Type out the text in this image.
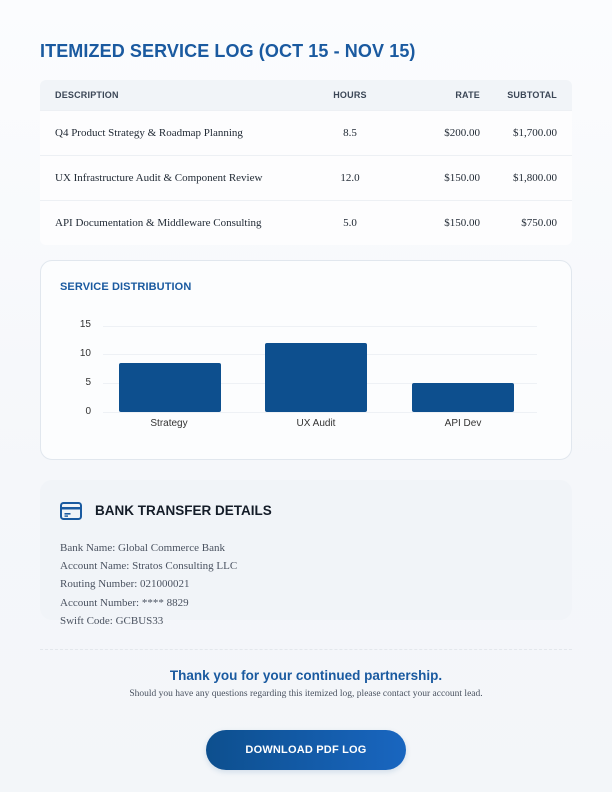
ITEMIZED SERVICE LOG (OCT 15 - NOV 15)
DESCRIPTION	HOURS	RATE	SUBTOTAL
Q4 Product Strategy & Roadmap Planning	8.5	$200.00	$1,700.00
UX Infrastructure Audit & Component Review	12.0	$150.00	$1,800.00
API Documentation & Middleware Consulting	5.0	$150.00	$750.00
SERVICE DISTRIBUTION
15
10
5
0
Strategy	UX Audit	API Dev
BANK TRANSFER DETAILS
Bank Name: Global Commerce Bank
Account Name: Stratos Consulting LLC
Routing Number: 021000021
Account Number: **** 8829
Swift Code: GCBUS33
Thank you for your continued partnership.
Should you have any questions regarding this itemized log, please contact your account lead.
DOWNLOAD PDF LOG
